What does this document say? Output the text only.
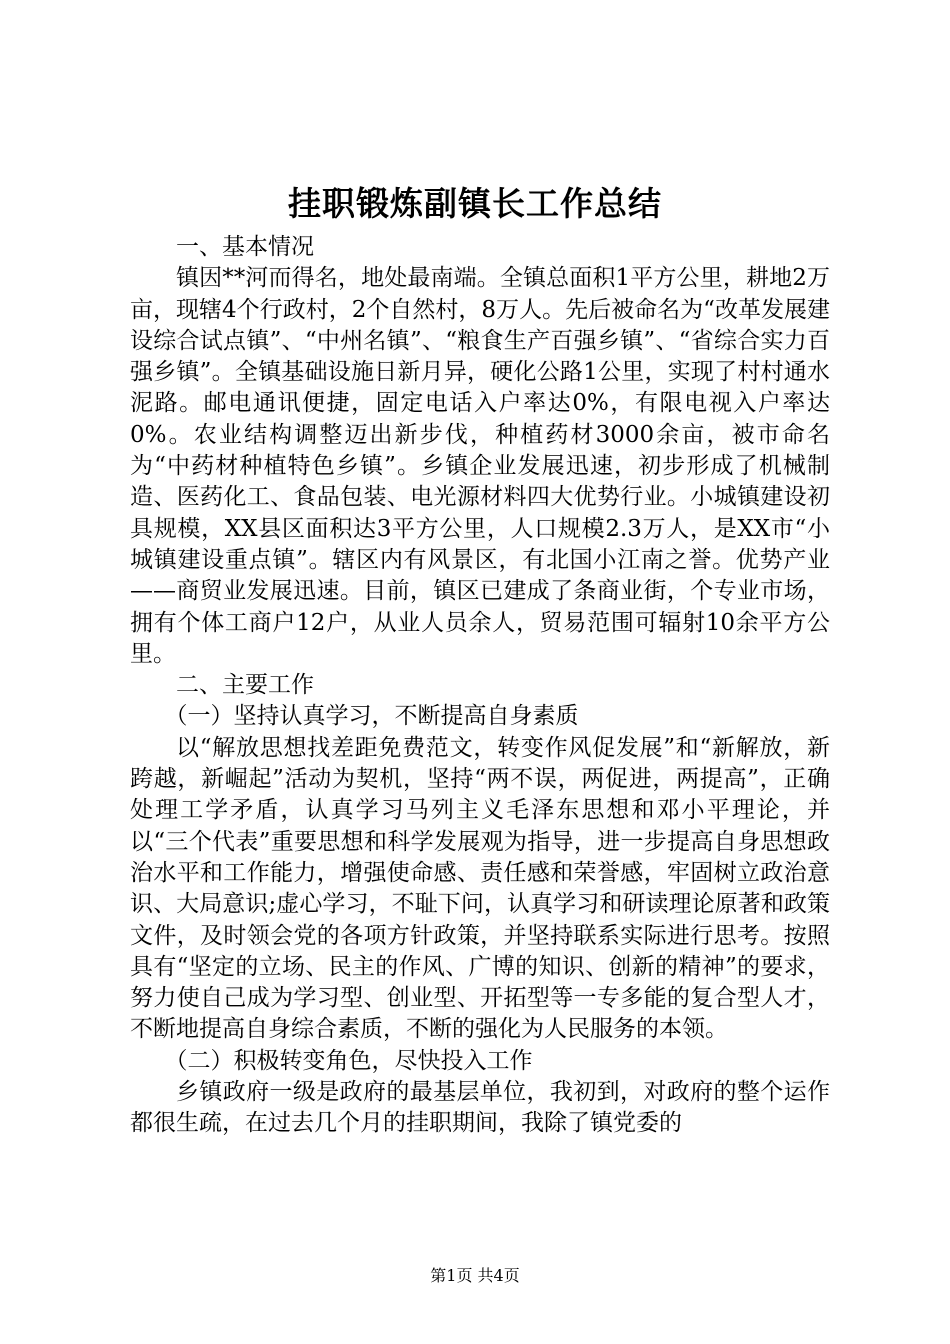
挂职锻炼副镇长工作总结

一、基本情况

镇因**河而得名，地处最南端。全镇总面积1平方公里，耕地2万亩，现辖4个行政村，2个自然村，8万人。先后被命名为“改革发展建设综合试点镇”、“中州名镇”、“粮食生产百强乡镇”、“省综合实力百强乡镇”。全镇基础设施日新月异，硬化公路1公里，实现了村村通水泥路。邮电通讯便捷，固定电话入户率达0%，有限电视入户率达0%。农业结构调整迈出新步伐，种植药材3000余亩，被市命名为“中药材种植特色乡镇”。乡镇企业发展迅速，初步形成了机械制造、医药化工、食品包装、电光源材料四大优势行业。小城镇建设初具规模，XX县区面积达3平方公里，人口规模2.3万人，是XX市“小城镇建设重点镇”。辖区内有风景区，有北国小江南之誉。优势产业——商贸业发展迅速。目前，镇区已建成了条商业街，个专业市场，拥有个体工商户12户，从业人员余人，贸易范围可辐射10余平方公里。

二、主要工作

（一）坚持认真学习，不断提高自身素质

以“解放思想找差距免费范文，转变作风促发展”和“新解放，新跨越，新崛起”活动为契机，坚持“两不误，两促进，两提高”，正确处理工学矛盾，认真学习马列主义毛泽东思想和邓小平理论，并以“三个代表”重要思想和科学发展观为指导，进一步提高自身思想政治水平和工作能力，增强使命感、责任感和荣誉感，牢固树立政治意识、大局意识;虚心学习，不耻下问，认真学习和研读理论原著和政策文件，及时领会党的各项方针政策，并坚持联系实际进行思考。按照具有“坚定的立场、民主的作风、广博的知识、创新的精神”的要求，努力使自己成为学习型、创业型、开拓型等一专多能的复合型人才，不断地提高自身综合素质，不断的强化为人民服务的本领。

（二）积极转变角色，尽快投入工作

乡镇政府一级是政府的最基层单位，我初到，对政府的整个运作都很生疏，在过去几个月的挂职期间，我除了镇党委的

第1页 共4页
